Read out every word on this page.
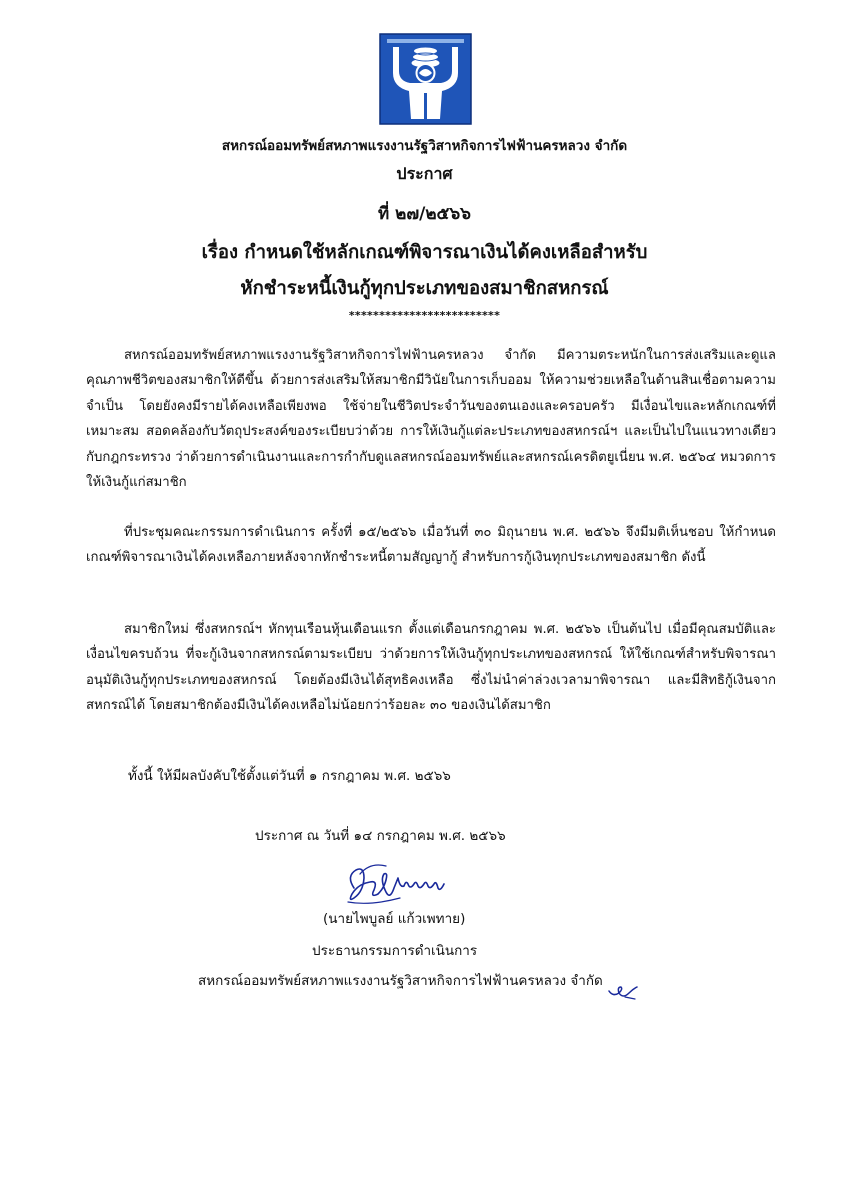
สหกรณ์ออมทรัพย์สหภาพแรงงานรัฐวิสาหกิจการไฟฟ้านครหลวง จำกัด
ประกาศ
ที่ ๒๗/๒๕๖๖
เรื่อง กำหนดใช้หลักเกณฑ์พิจารณาเงินได้คงเหลือสำหรับ
หักชำระหนี้เงินกู้ทุกประเภทของสมาชิกสหกรณ์
*************************
สหกรณ์ออมทรัพย์สหภาพแรงงานรัฐวิสาหกิจการไฟฟ้านครหลวง จำกัด มีความตระหนักในการส่งเสริมและดูแลคุณภาพชีวิตของสมาชิกให้ดีขึ้น ด้วยการส่งเสริมให้สมาชิกมีวินัยในการเก็บออม ให้ความช่วยเหลือในด้านสินเชื่อตามความจำเป็น โดยยังคงมีรายได้คงเหลือเพียงพอ ใช้จ่ายในชีวิตประจำวันของตนเองและครอบครัว มีเงื่อนไขและหลักเกณฑ์ที่เหมาะสม สอดคล้องกับวัตถุประสงค์ของระเบียบว่าด้วย การให้เงินกู้แต่ละประเภทของสหกรณ์ฯ และเป็นไปในแนวทางเดียวกับกฎกระทรวง ว่าด้วยการดำเนินงานและการกำกับดูแลสหกรณ์ออมทรัพย์และสหกรณ์เครดิตยูเนี่ยน พ.ศ. ๒๕๖๔ หมวดการให้เงินกู้แก่สมาชิก
ที่ประชุมคณะกรรมการดำเนินการ ครั้งที่ ๑๕/๒๕๖๖ เมื่อวันที่ ๓๐ มิถุนายน พ.ศ. ๒๕๖๖ จึงมีมติเห็นชอบ ให้กำหนดเกณฑ์พิจารณาเงินได้คงเหลือภายหลังจากหักชำระหนี้ตามสัญญากู้ สำหรับการกู้เงินทุกประเภทของสมาชิก ดังนี้
สมาชิกใหม่ ซึ่งสหกรณ์ฯ หักทุนเรือนหุ้นเดือนแรก ตั้งแต่เดือนกรกฎาคม พ.ศ. ๒๕๖๖ เป็นต้นไป เมื่อมีคุณสมบัติและเงื่อนไขครบถ้วน ที่จะกู้เงินจากสหกรณ์ตามระเบียบ ว่าด้วยการให้เงินกู้ทุกประเภทของสหกรณ์ ให้ใช้เกณฑ์สำหรับพิจารณาอนุมัติเงินกู้ทุกประเภทของสหกรณ์ โดยต้องมีเงินได้สุทธิคงเหลือ ซึ่งไม่นำค่าล่วงเวลามาพิจารณา และมีสิทธิกู้เงินจากสหกรณ์ได้ โดยสมาชิกต้องมีเงินได้คงเหลือไม่น้อยกว่าร้อยละ ๓๐ ของเงินได้สมาชิก
ทั้งนี้ ให้มีผลบังคับใช้ตั้งแต่วันที่ ๑ กรกฎาคม พ.ศ. ๒๕๖๖
ประกาศ ณ วันที่ ๑๔ กรกฎาคม พ.ศ. ๒๕๖๖
(นายไพบูลย์ แก้วเพทาย)
ประธานกรรมการดำเนินการ
สหกรณ์ออมทรัพย์สหภาพแรงงานรัฐวิสาหกิจการไฟฟ้านครหลวง จำกัด
